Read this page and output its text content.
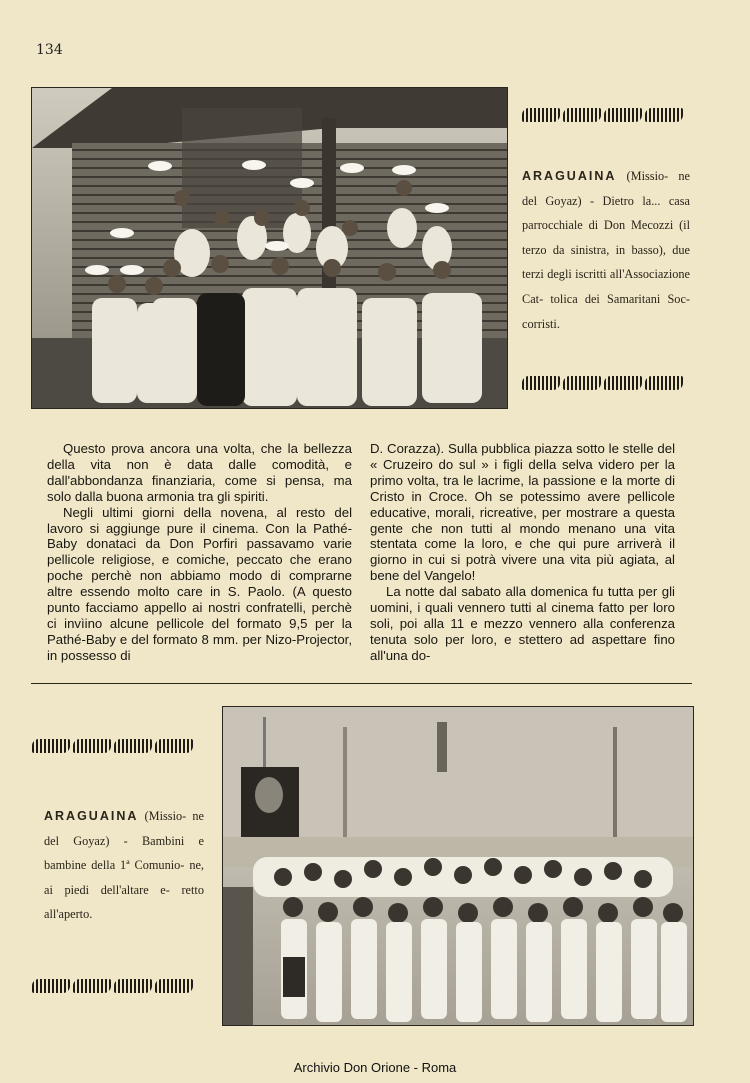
134
ARAGUAINA (Missio- ne del Goyaz) - Dietro la... casa parrocchiale di Don Mecozzi (il terzo da sinistra, in basso), due terzi degli iscritti all'Associazione Cat- tolica dei Samaritani Soc- corristi.

Questo prova ancora una volta, che la bellezza della vita non è data dalle comodità, e dall'abbondanza finanziaria, come si pensa, ma solo dalla buona armonia tra gli spiriti.

Negli ultimi giorni della novena, al resto del lavoro si aggiunge pure il cinema. Con la Pathé-Baby donataci da Don Porfiri passavamo varie pellicole religiose, e comiche, peccato che erano poche perchè non abbiamo modo di comprarne altre essendo molto care in S. Paolo. (A questo punto facciamo appello ai nostri confratelli, perchè ci invìino alcune pellicole del formato 9,5 per la Pathé-Baby e del formato 8 mm. per Nizo-Projector, in possesso di

D. Corazza). Sulla pubblica piazza sotto le stelle del « Cruzeiro do sul » i figli della selva videro per la primo volta, tra le lacrime, la passione e la morte di Cristo in Croce. Oh se potessimo avere pellicole educative, morali, ricreative, per mostrare a questa gente che non tutti al mondo menano una vita stentata come la loro, e che qui pure arriverà il giorno in cui si potrà vivere una vita più agiata, al bene del Vangelo!

La notte dal sabato alla domenica fu tutta per gli uomini, i quali vennero tutti al cinema fatto per loro soli, poi alla 11 e mezzo vennero alla conferenza tenuta solo per loro, e stettero ad aspettare fino all'una do-

ARAGUAINA (Missio- ne del Goyaz) - Bambini e bambine della 1ª Comunio- ne, ai piedi dell'altare e- retto all'aperto.
Archivio Don Orione - Roma
